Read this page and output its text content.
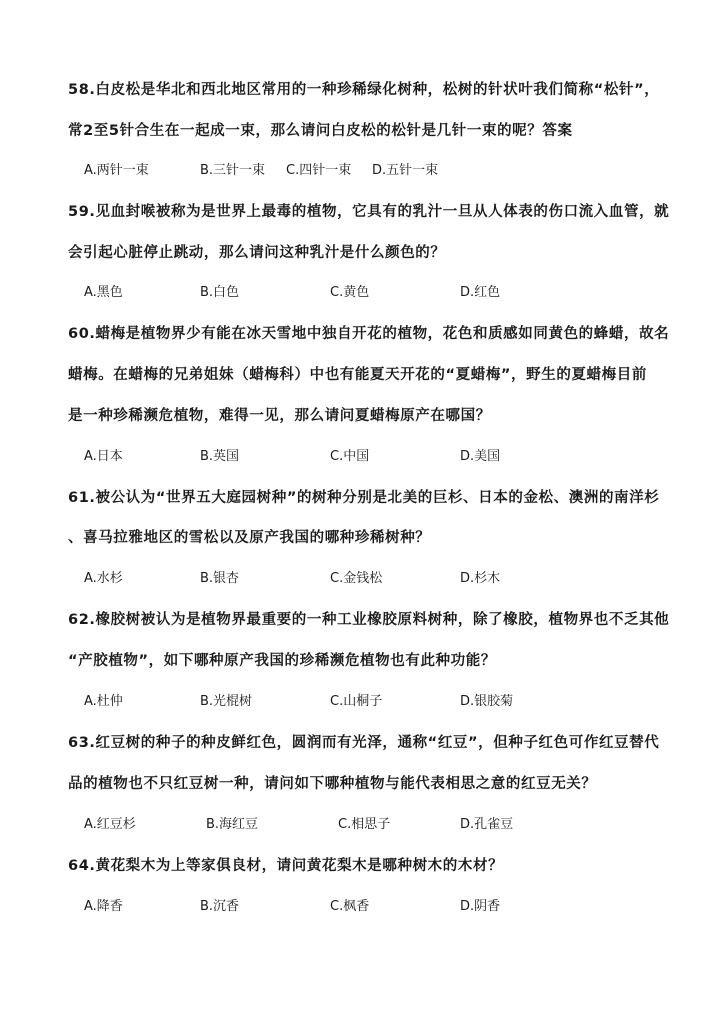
58.白皮松是华北和西北地区常用的一种珍稀绿化树种，松树的针状叶我们简称“松针”，
常2至5针合生在一起成一束，那么请问白皮松的松针是几针一束的呢？答案
A.两针一束	B.三针一束 C.四针一束 D.五针一束
59.见血封喉被称为是世界上最毒的植物，它具有的乳汁一旦从人体表的伤口流入血管，就
会引起心脏停止跳动，那么请问这种乳汁是什么颜色的？
A.黑色	B.白色	C.黄色	D.红色
60.蜡梅是植物界少有能在冰天雪地中独自开花的植物，花色和质感如同黄色的蜂蜡，故名
蜡梅。在蜡梅的兄弟姐妹（蜡梅科）中也有能夏天开花的“夏蜡梅”，野生的夏蜡梅目前
是一种珍稀濒危植物，难得一见，那么请问夏蜡梅原产在哪国？
A.日本	B.英国	C.中国	D.美国
61.被公认为“世界五大庭园树种”的树种分别是北美的巨杉、日本的金松、澳洲的南洋杉
、喜马拉雅地区的雪松以及原产我国的哪种珍稀树种？
A.水杉	B.银杏	C.金钱松	D.杉木
62.橡胶树被认为是植物界最重要的一种工业橡胶原料树种，除了橡胶，植物界也不乏其他
“产胶植物”，如下哪种原产我国的珍稀濒危植物也有此种功能？
A.杜仲	B.光棍树	C.山桐子	D.银胶菊
63.红豆树的种子的种皮鲜红色，圆润而有光泽，通称“红豆”，但种子红色可作红豆替代
品的植物也不只红豆树一种，请问如下哪种植物与能代表相思之意的红豆无关？
A.红豆杉	B.海红豆	C.相思子	D.孔雀豆
64.黄花梨木为上等家俱良材，请问黄花梨木是哪种树木的木材？
A.降香	B.沉香	C.枫香	D.阴香
